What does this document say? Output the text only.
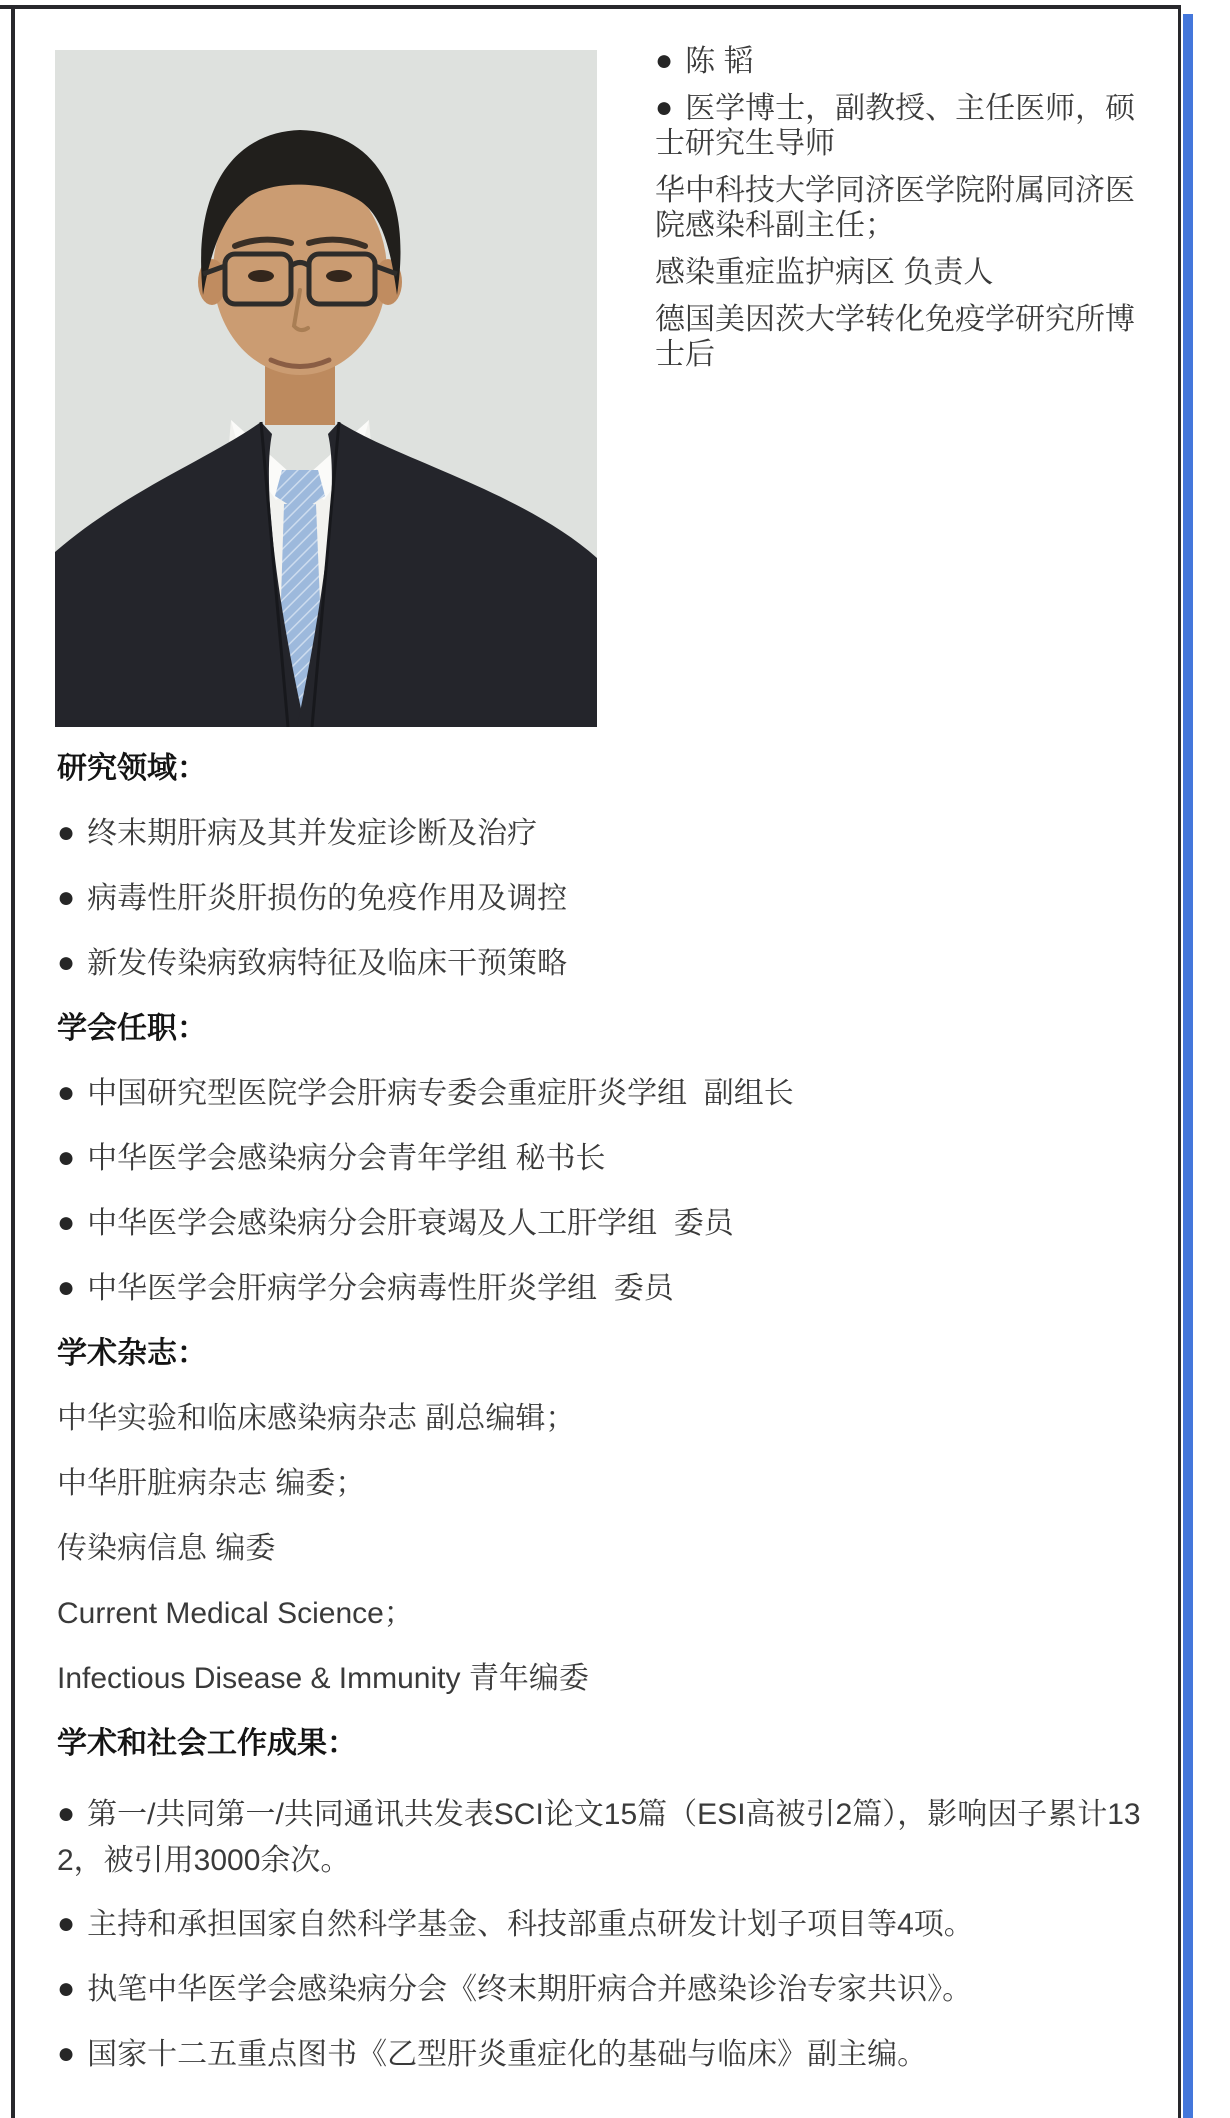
● 陈 韬

● 医学博士，副教授、主任医师，硕士研究生导师

华中科技大学同济医学院附属同济医院感染科副主任；

感染重症监护病区 负责人

德国美因茨大学转化免疫学研究所博士后

研究领域：

● 终末期肝病及其并发症诊断及治疗

● 病毒性肝炎肝损伤的免疫作用及调控

● 新发传染病致病特征及临床干预策略

学会任职：

● 中国研究型医院学会肝病专委会重症肝炎学组  副组长

● 中华医学会感染病分会青年学组 秘书长

● 中华医学会感染病分会肝衰竭及人工肝学组  委员

● 中华医学会肝病学分会病毒性肝炎学组  委员

学术杂志：

中华实验和临床感染病杂志 副总编辑；

中华肝脏病杂志 编委；

传染病信息 编委

Current Medical Science；

Infectious Disease & Immunity 青年编委

学术和社会工作成果：

● 第一/共同第一/共同通讯共发表SCI论文15篇（ESI高被引2篇），影响因子累计132，被引用3000余次。

● 主持和承担国家自然科学基金、科技部重点研发计划子项目等4项。

● 执笔中华医学会感染病分会《终末期肝病合并感染诊治专家共识》。

● 国家十二五重点图书《乙型肝炎重症化的基础与临床》副主编。
